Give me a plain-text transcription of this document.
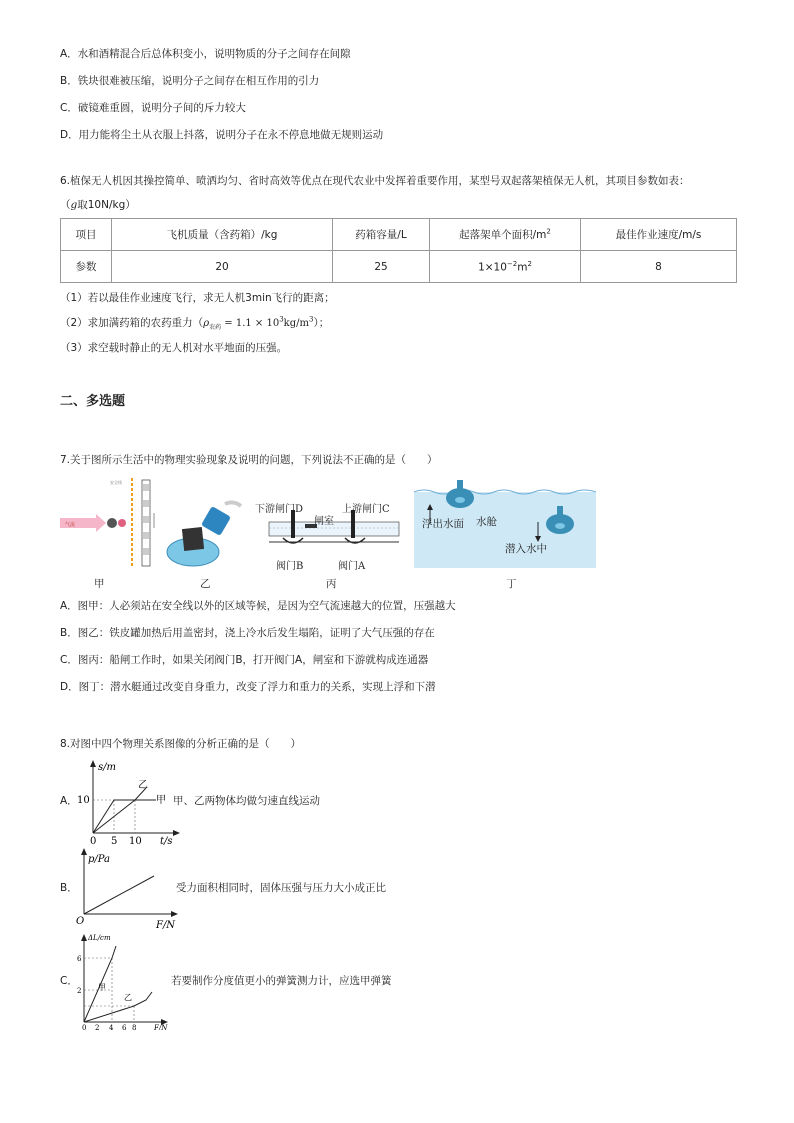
A．水和酒精混合后总体积变小，说明物质的分子之间存在间隙
B．铁块很难被压缩，说明分子之间存在相互作用的引力
C．破镜难重圆，说明分子间的斥力较大
D．用力能将尘土从衣服上抖落，说明分子在永不停息地做无规则运动
6.植保无人机因其操控简单、喷洒均匀、省时高效等优点在现代农业中发挥着重要作用，某型号双起落架植保无人机，其项目参数如表：
（g取10N/kg）
项目	飞机质量（含药箱）/kg	药箱容量/L	起落架单个面积$/m^2$	最佳作业速度/m/s
参数	20	25	$1\times 10^{-2}m^2$	8
（1）若以最佳作业速度飞行，求无人机3min飞行的距离；
（2）求加满药箱的农药重力$(\rho_{农药} = 1.1 \times 10^3kg/m^3)$；
（3）求空载时静止的无人机对水平地面的压强。
二、多选题
7.关于图所示生活中的物理实验现象及说明的问题，下列说法不正确的是（　　）
气流
安全线
甲	乙
下游闸门D	上游闸门C
闸室
阀门B	阀门A
丙
浮出水面 水舱
潜入水中
丁
A．图甲：人必须站在安全线以外的区域等候，是因为空气流速越大的位置，压强越大
B．图乙：铁皮罐加热后用盖密封，浇上冷水后发生塌陷，证明了大气压强的存在
C．图丙：船闸工作时，如果关闭阀门B，打开阀门A，闸室和下游就构成连通器
D．图丁：潜水艇通过改变自身重力，改变了浮力和重力的关系，实现上浮和下潜
8.对图中四个物理关系图像的分析正确的是（　　）
A．
s/m
t/s
10
0 5 10
甲
乙
甲、乙两物体均做匀速直线运动
B．
p/Pa
F/N
O
受力面积相同时，固体压强与压力大小成正比
C．
ΔL/cm
F/N
6
2
0 2 4 6 8
甲
乙
若要制作分度值更小的弹簧测力计，应选甲弹簧
